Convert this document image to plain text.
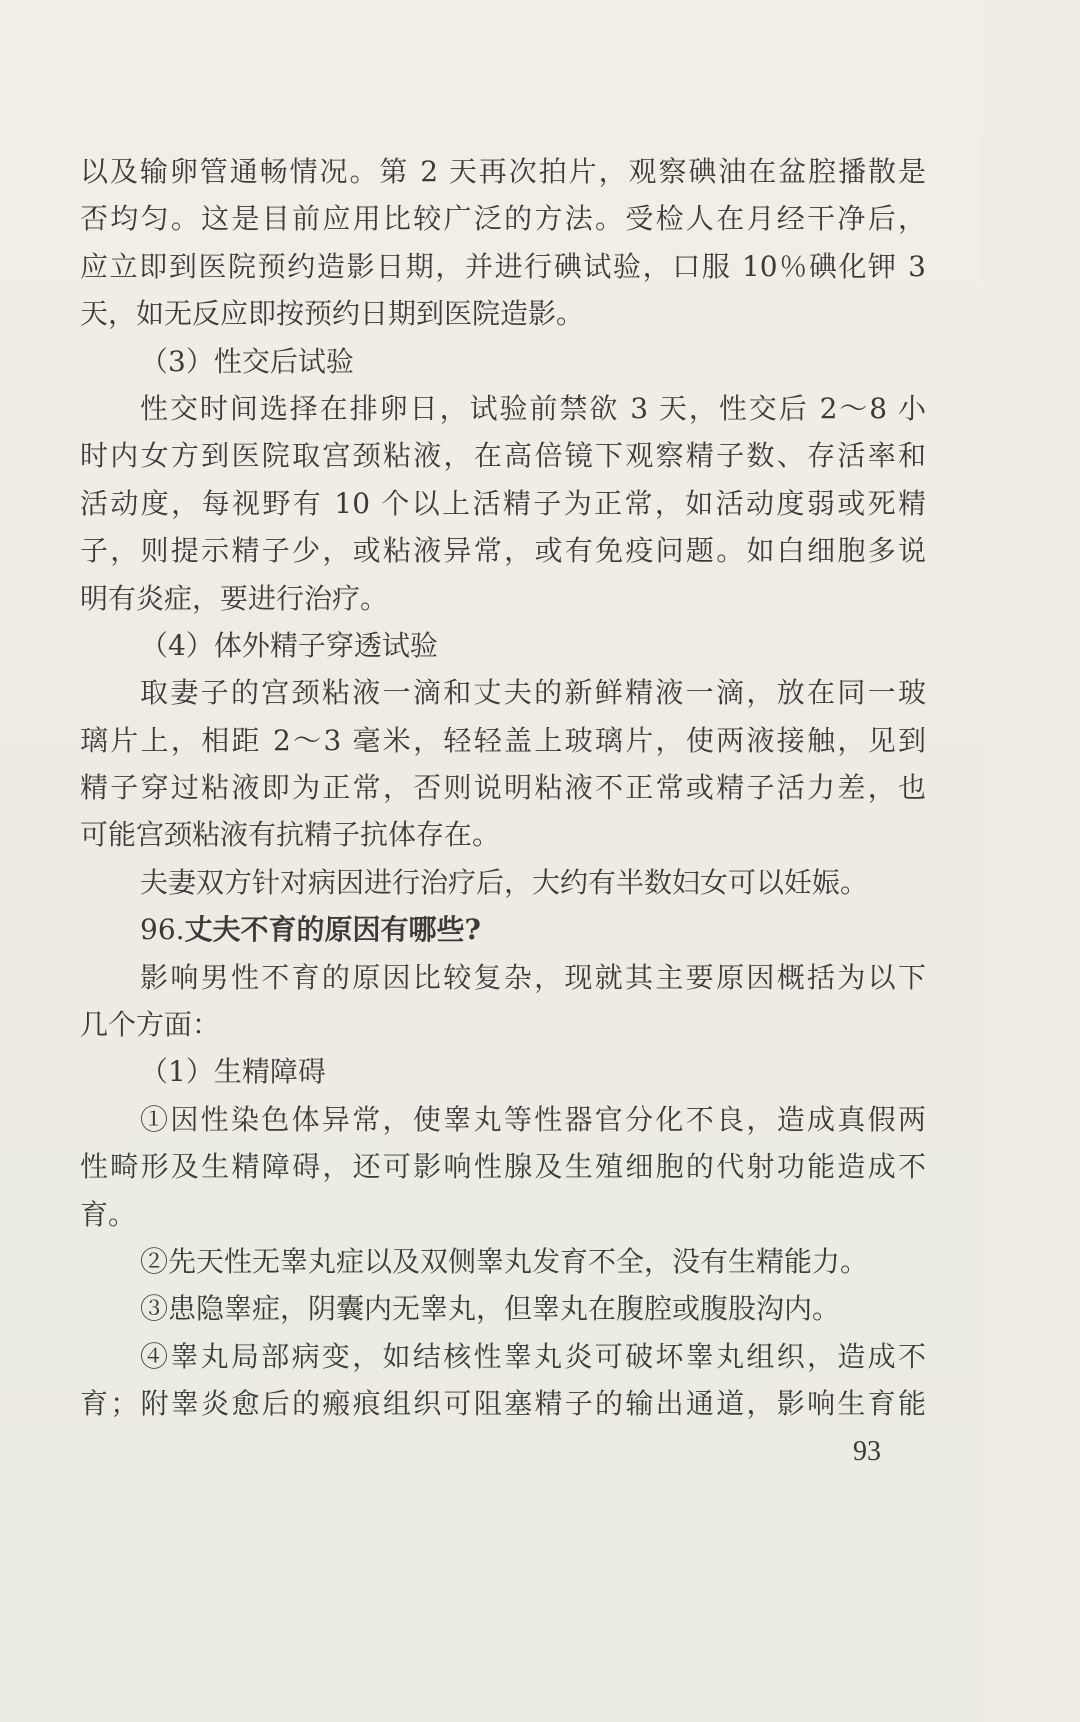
以及输卵管通畅情况。第 2 天再次拍片，观察碘油在盆腔播散是
否均匀。这是目前应用比较广泛的方法。受检人在月经干净后，
应立即到医院预约造影日期，并进行碘试验，口服 10％碘化钾 3
天，如无反应即按预约日期到医院造影。
（3）性交后试验
性交时间选择在排卵日，试验前禁欲 3 天，性交后 2～8 小
时内女方到医院取宫颈粘液，在高倍镜下观察精子数、存活率和
活动度，每视野有 10 个以上活精子为正常，如活动度弱或死精
子，则提示精子少，或粘液异常，或有免疫问题。如白细胞多说
明有炎症，要进行治疗。
（4）体外精子穿透试验
取妻子的宫颈粘液一滴和丈夫的新鲜精液一滴，放在同一玻
璃片上，相距 2～3 毫米，轻轻盖上玻璃片，使两液接触，见到
精子穿过粘液即为正常，否则说明粘液不正常或精子活力差，也
可能宫颈粘液有抗精子抗体存在。
夫妻双方针对病因进行治疗后，大约有半数妇女可以妊娠。
96.丈夫不育的原因有哪些?
影响男性不育的原因比较复杂，现就其主要原因概括为以下
几个方面：
（1）生精障碍
①因性染色体异常，使睾丸等性器官分化不良，造成真假两
性畸形及生精障碍，还可影响性腺及生殖细胞的代射功能造成不
育。
②先天性无睾丸症以及双侧睾丸发育不全，没有生精能力。
③患隐睾症，阴囊内无睾丸，但睾丸在腹腔或腹股沟内。
④睾丸局部病变，如结核性睾丸炎可破坏睾丸组织，造成不
育；附睾炎愈后的瘢痕组织可阻塞精子的输出通道，影响生育能
93
